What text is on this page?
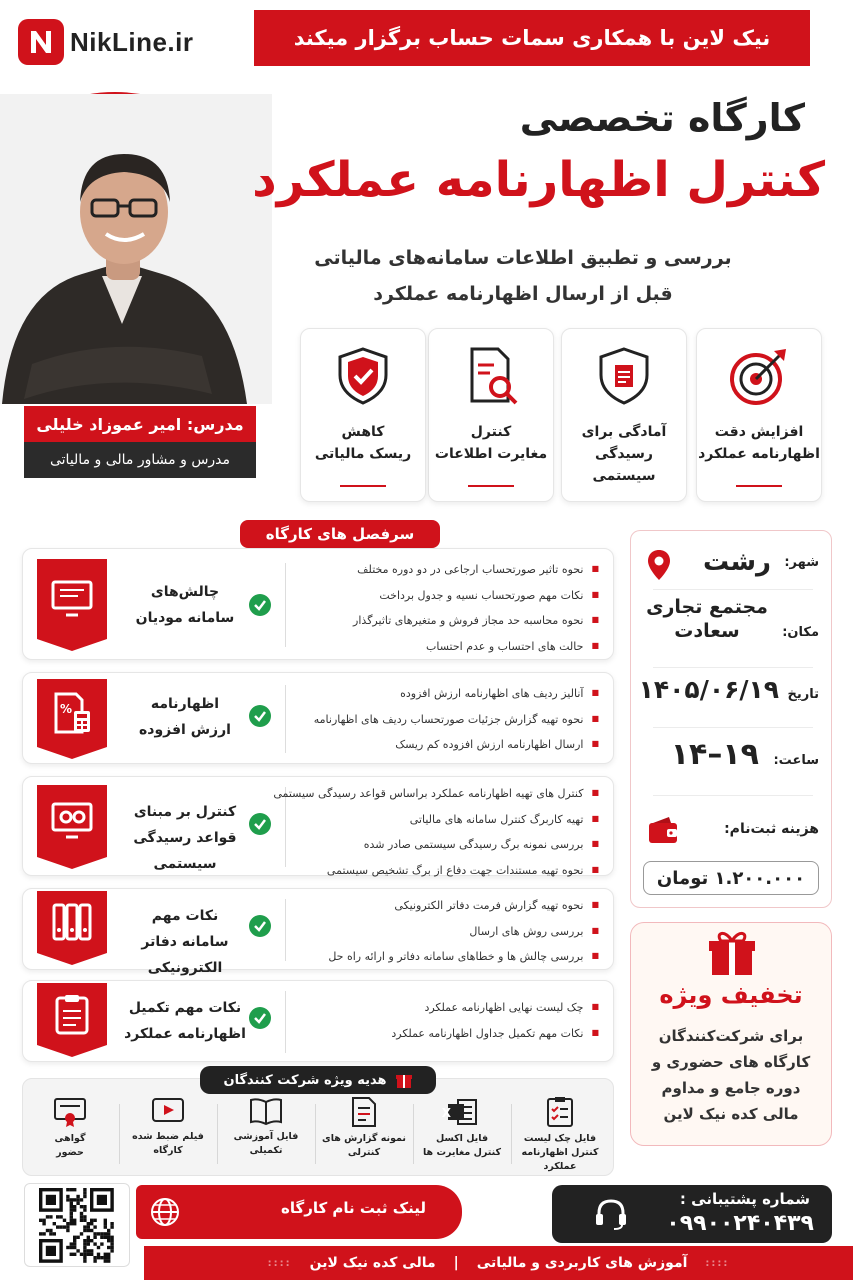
NikLine.ir	نیک لاین با همکاری سمات حساب برگزار میکند
مدرس: امیر عموزاد خلیلی
مدرس و مشاور مالی و مالیاتی
کارگاه تخصصی
کنترل اظهارنامه عملکرد
بررسی و تطبیق اطلاعات سامانه‌های مالیاتی
قبل از ارسال اظهارنامه عملکرد
افزایش دقت
اظهارنامه عملکرد
آمادگی برای
رسیدگی سیستمی
کنترل
مغایرت اطلاعات
کاهش
ریسک مالیاتی
سرفصل های کارگاه
چالش‌های
سامانه مودیان
■ نحوه تاثیر صورتحساب ارجاعی در دو دوره مختلف
■ نکات مهم صورتحساب نسیه و جدول برداخت
■ نحوه محاسبه حد مجاز فروش و متغیرهای تاثیرگذار
■ حالت های احتساب و عدم احتساب
%	اظهارنامه
ارزش افزوده
■ آنالیز ردیف های اظهارنامه ارزش افزوده
■ نحوه تهیه گزارش جزئیات صورتحساب ردیف های اظهارنامه
■ ارسال اظهارنامه ارزش افزوده کم ریسک
کنترل بر مبنای
قواعد رسیدگی سیستمی
■ کنترل های تهیه اظهارنامه عملکرد براساس قواعد رسیدگی سیستمی
■ تهیه کاربرگ کنترل سامانه های مالیاتی
■ بررسی نمونه برگ رسیدگی سیستمی صادر شده
■ نحوه تهیه مستندات جهت دفاع از برگ تشخیص سیستمی
نکات مهم
سامانه دفاتر الکترونیکی
■ نحوه تهیه گزارش فرمت دفاتر الکترونیکی
■ بررسی روش های ارسال
■ بررسی چالش ها و خطاهای سامانه دفاتر و ارائه راه حل
نکات مهم تکمیل
اظهارنامه عملکرد
■ چک لیست نهایی اظهارنامه عملکرد
■ نکات مهم تکمیل جداول اظهارنامه عملکرد
هدیه ویژه شرکت کنندگان
فایل چک لیست
کنترل اظهارنامه عملکرد
X
فایل اکسل
کنترل مغایرت ها
نمونه گزارش های
کنترلی
فایل آموزشی
تکمیلی
فیلم ضبط شده
کارگاه
گواهی
حضور
شهر:
رشت
مکان:
مجتمع تجاری
سعادت
تاریخ
۱۴۰۵/۰۶/۱۹
ساعت:
۱۹–۱۴
هزینه ثبت‌نام:
۱.۲۰۰.۰۰۰ تومان
تخفیف ویژه
برای شرکت‌کنندگان
کارگاه های حضوری و
دوره جامع و مداوم
مالی کده نیک لاین
لینک ثبت نام کارگاه	شماره پشتیبانی :
۰۹۹۰۰۲۴۰۴۳۹
::::
آموزش های کاربردی و مالیاتی
|
مالی کده نیک لاین
::::
